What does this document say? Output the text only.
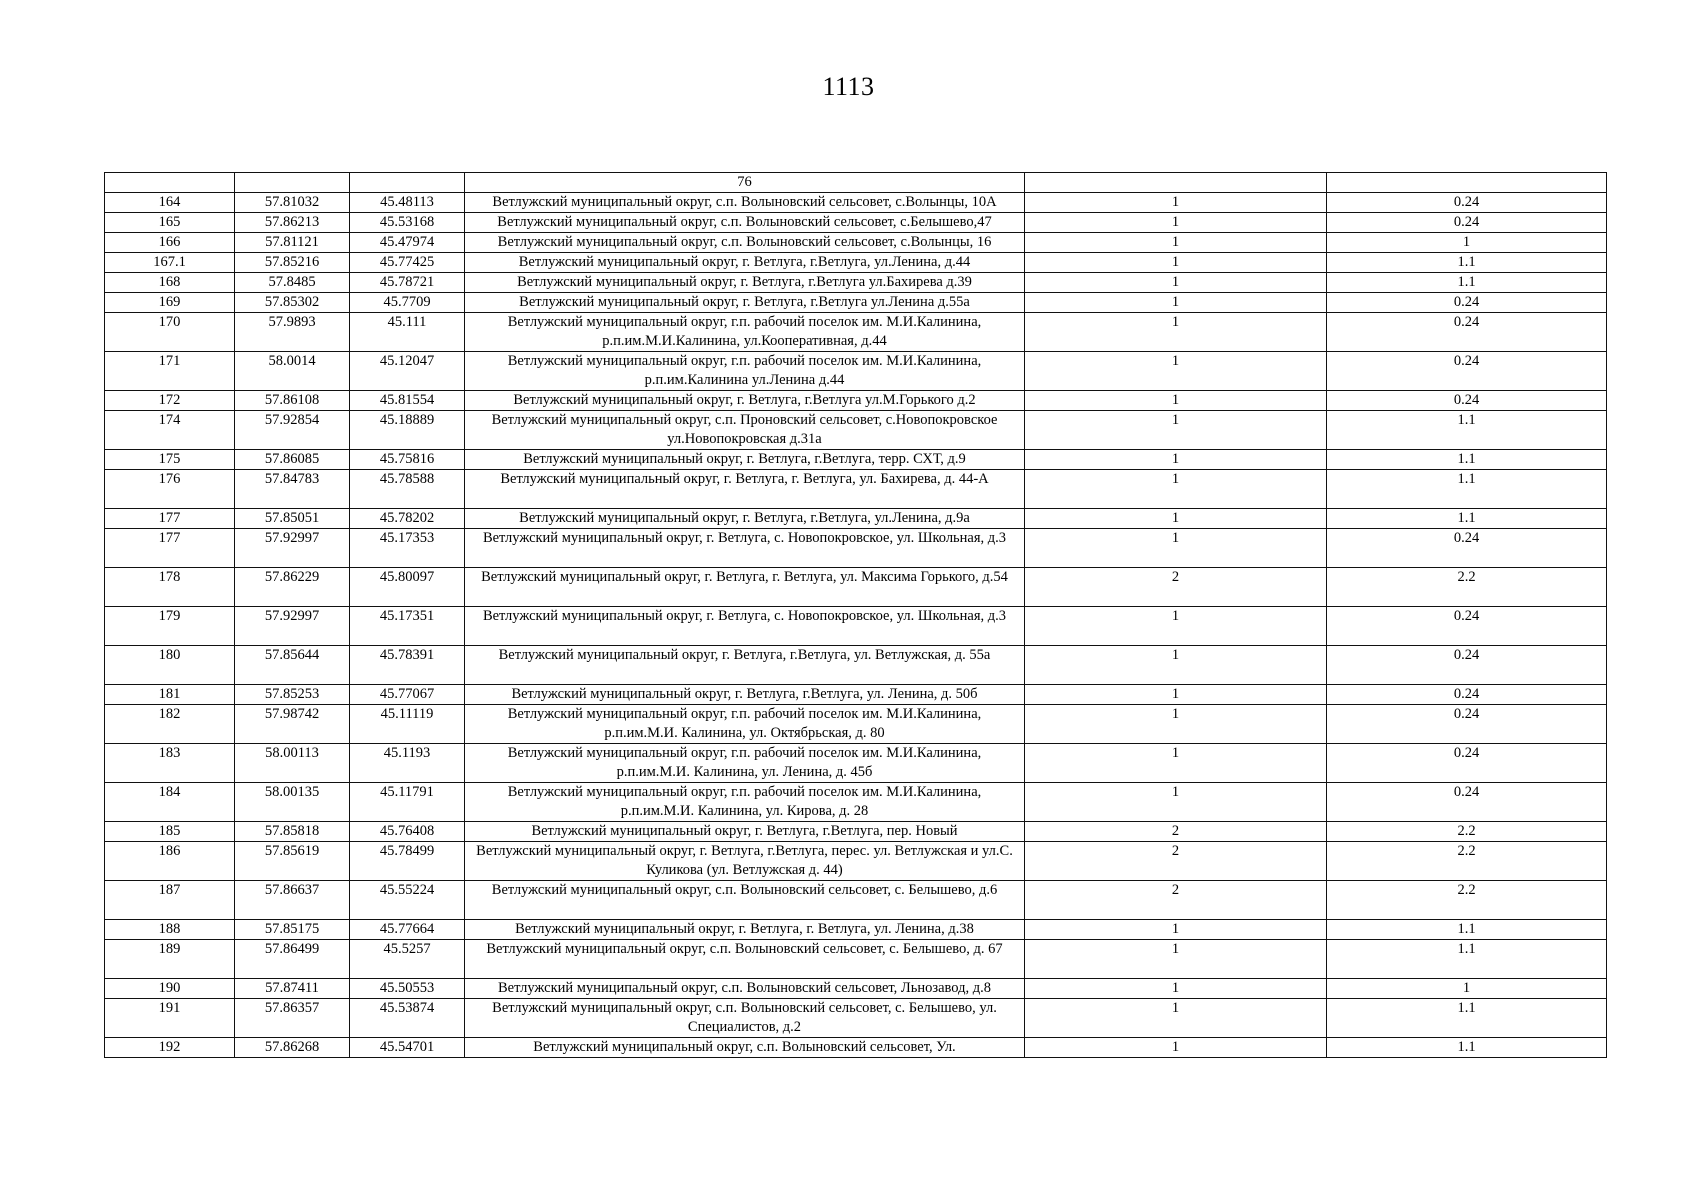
1113
			76		
164	57.81032	45.48113	Ветлужский муниципальный округ, с.п. Волыновский сельсовет, с.Волынцы, 10А	1	0.24
165	57.86213	45.53168	Ветлужский муниципальный округ, с.п. Волыновский сельсовет, с.Белышево,47	1	0.24
166	57.81121	45.47974	Ветлужский муниципальный округ, с.п. Волыновский сельсовет, с.Волынцы, 16	1	1
167.1	57.85216	45.77425	Ветлужский муниципальный округ, г. Ветлуга, г.Ветлуга, ул.Ленина, д.44	1	1.1
168	57.8485	45.78721	Ветлужский муниципальный округ, г. Ветлуга, г.Ветлуга ул.Бахирева д.39	1	1.1
169	57.85302	45.7709	Ветлужский муниципальный округ, г. Ветлуга, г.Ветлуга ул.Ленина д.55а	1	0.24
170	57.9893	45.111	Ветлужский муниципальный округ, г.п. рабочий поселок им. М.И.Калинина, р.п.им.М.И.Калинина, ул.Кооперативная, д.44	1	0.24
171	58.0014	45.12047	Ветлужский муниципальный округ, г.п. рабочий поселок им. М.И.Калинина, р.п.им.Калинина ул.Ленина д.44	1	0.24
172	57.86108	45.81554	Ветлужский муниципальный округ, г. Ветлуга, г.Ветлуга ул.М.Горького д.2	1	0.24
174	57.92854	45.18889	Ветлужский муниципальный округ, с.п. Проновский сельсовет, с.Новопокровское ул.Новопокровская д.31а	1	1.1
175	57.86085	45.75816	Ветлужский муниципальный округ, г. Ветлуга, г.Ветлуга, терр. СХТ, д.9	1	1.1
176	57.84783	45.78588	Ветлужский муниципальный округ, г. Ветлуга, г. Ветлуга, ул. Бахирева, д. 44-А	1	1.1
177	57.85051	45.78202	Ветлужский муниципальный округ, г. Ветлуга, г.Ветлуга, ул.Ленина, д.9а	1	1.1
177	57.92997	45.17353	Ветлужский муниципальный округ, г. Ветлуга, с. Новопокровское, ул. Школьная, д.3	1	0.24
178	57.86229	45.80097	Ветлужский муниципальный округ, г. Ветлуга, г. Ветлуга, ул. Максима Горького, д.54	2	2.2
179	57.92997	45.17351	Ветлужский муниципальный округ, г. Ветлуга, с. Новопокровское, ул. Школьная, д.3	1	0.24
180	57.85644	45.78391	Ветлужский муниципальный округ, г. Ветлуга, г.Ветлуга, ул. Ветлужская, д. 55а	1	0.24
181	57.85253	45.77067	Ветлужский муниципальный округ, г. Ветлуга, г.Ветлуга, ул. Ленина, д. 50б	1	0.24
182	57.98742	45.11119	Ветлужский муниципальный округ, г.п. рабочий поселок им. М.И.Калинина, р.п.им.М.И. Калинина, ул. Октябрьская, д. 80	1	0.24
183	58.00113	45.1193	Ветлужский муниципальный округ, г.п. рабочий поселок им. М.И.Калинина, р.п.им.М.И. Калинина, ул. Ленина, д. 45б	1	0.24
184	58.00135	45.11791	Ветлужский муниципальный округ, г.п. рабочий поселок им. М.И.Калинина, р.п.им.М.И. Калинина, ул. Кирова, д. 28	1	0.24
185	57.85818	45.76408	Ветлужский муниципальный округ, г. Ветлуга, г.Ветлуга, пер. Новый	2	2.2
186	57.85619	45.78499	Ветлужский муниципальный округ, г. Ветлуга, г.Ветлуга, перес. ул. Ветлужская и ул.С. Куликова (ул. Ветлужская д. 44)	2	2.2
187	57.86637	45.55224	Ветлужский муниципальный округ, с.п. Волыновский сельсовет, с. Белышево, д.6	2	2.2
188	57.85175	45.77664	Ветлужский муниципальный округ, г. Ветлуга, г. Ветлуга, ул. Ленина, д.38	1	1.1
189	57.86499	45.5257	Ветлужский муниципальный округ, с.п. Волыновский сельсовет, с. Белышево, д. 67	1	1.1
190	57.87411	45.50553	Ветлужский муниципальный округ, с.п. Волыновский сельсовет, Льнозавод, д.8	1	1
191	57.86357	45.53874	Ветлужский муниципальный округ, с.п. Волыновский сельсовет, с. Белышево, ул. Специалистов, д.2	1	1.1
192	57.86268	45.54701	Ветлужский муниципальный округ, с.п. Волыновский сельсовет, Ул.	1	1.1
